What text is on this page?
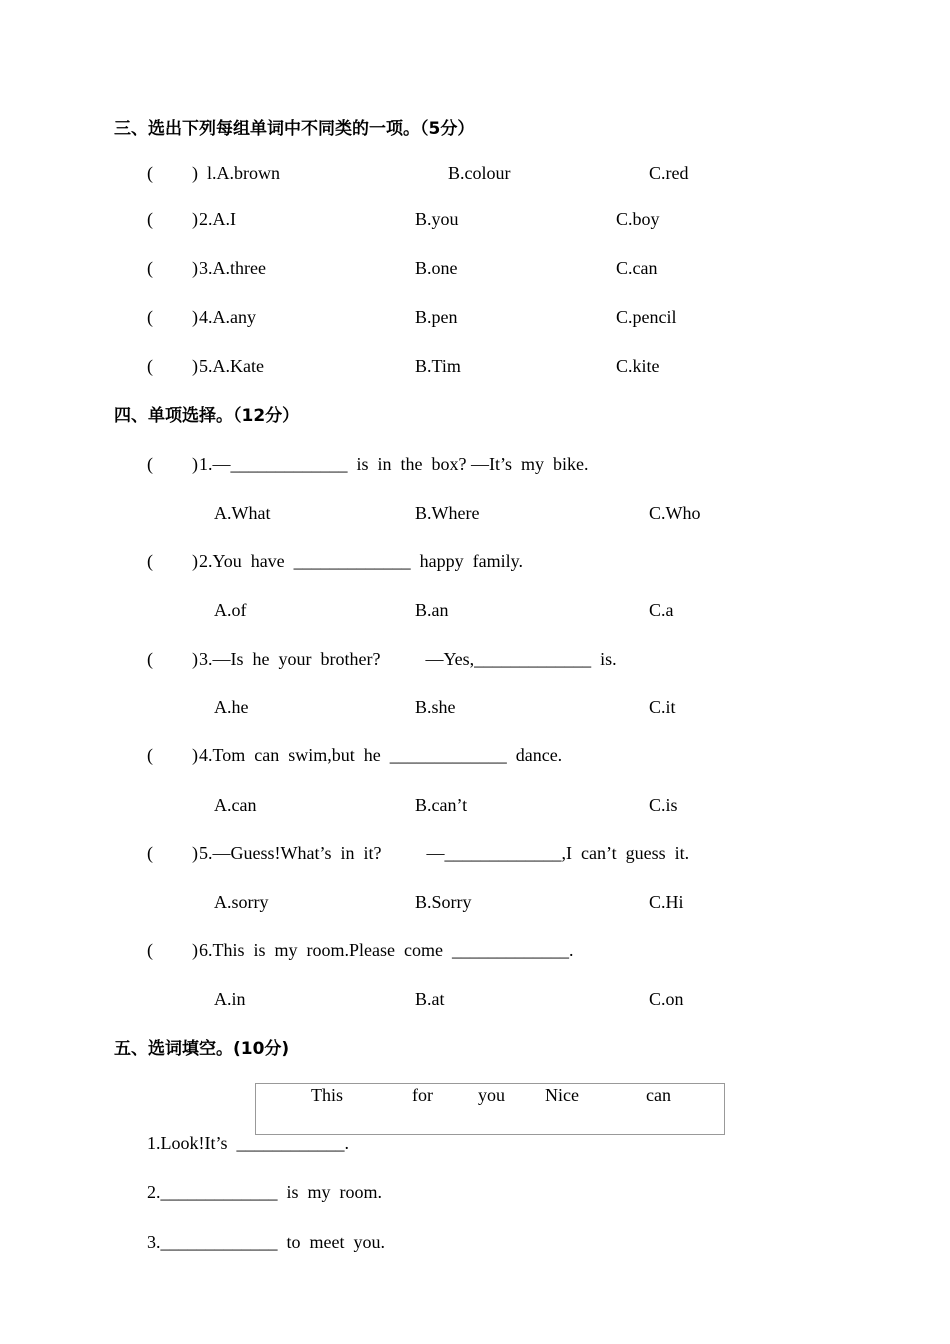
三、选出下列每组单词中不同类的一项。（5分）
( ) l.A.brown	B.colour	C.red
( ) 2.A.I	B.you	C.boy
( ) 3.A.three	B.one	C.can
( ) 4.A.any	B.pen	C.pencil
( ) 5.A.Kate	B.Tim	C.kite
四、单项选择。（12分）
( ) 1.—_____________  is  in  the  box? —It’s  my  bike.
A.What	B.Where	C.Who
( ) 2.You  have  _____________  happy  family.
A.of	B.an	C.a
( ) 3.—Is  he  your  brother?          —Yes,_____________  is.
A.he	B.she	C.it
( ) 4.Tom  can  swim,but  he  _____________  dance.
A.can	B.can’t	C.is
( ) 5.—Guess!What’s  in  it?          —_____________,I  can’t  guess  it.
A.sorry	B.Sorry	C.Hi
( ) 6.This  is  my  room.Please  come  _____________.
A.in	B.at	C.on
五、选词填空。(10分)
This	for	you Nice	can
1.Look!It’s  ____________.
2._____________  is  my  room.
3._____________  to  meet  you.
